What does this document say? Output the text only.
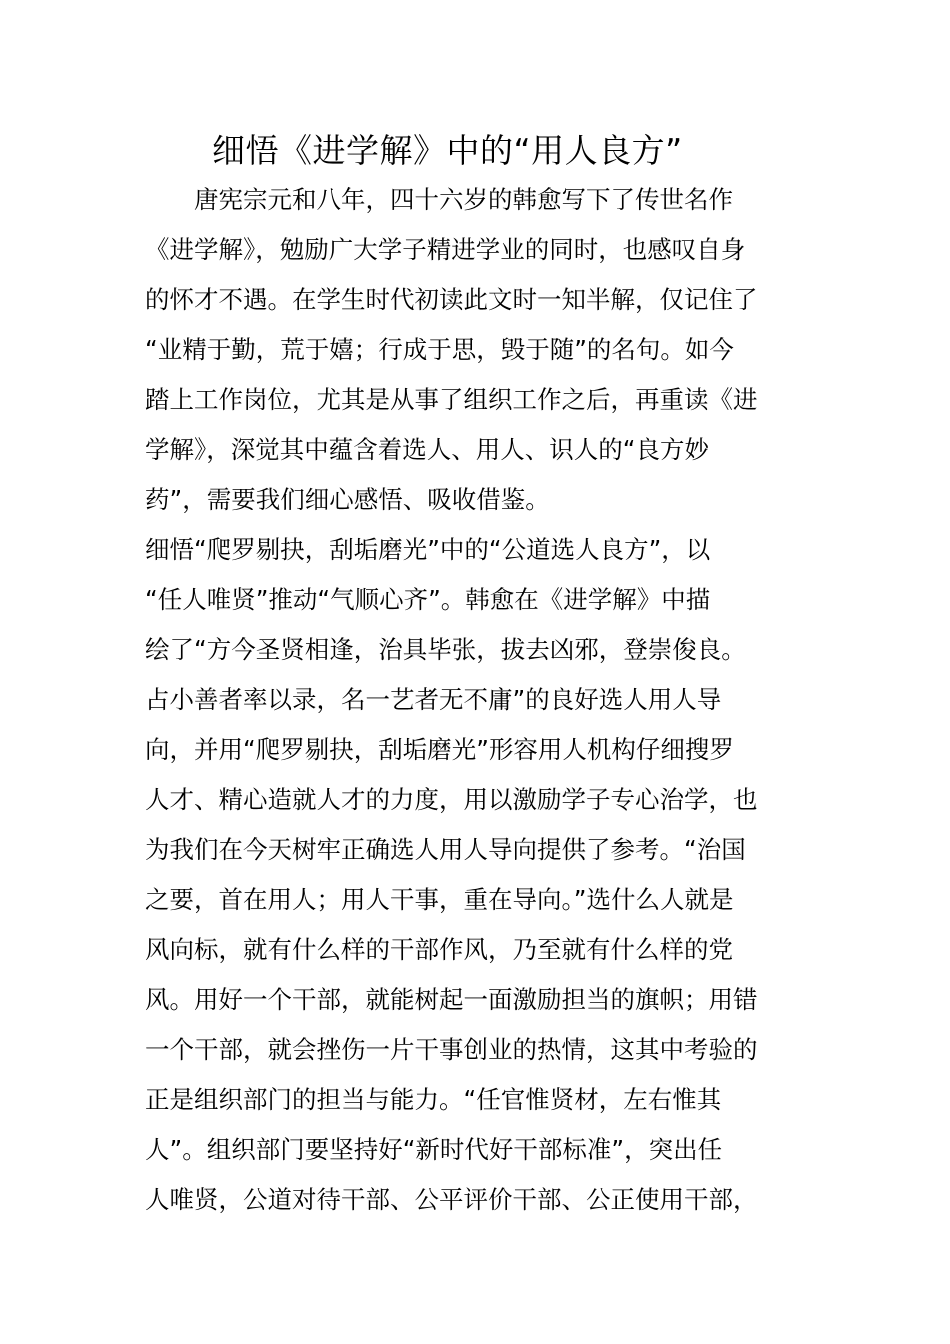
细悟《进学解》中的“用人良方”
　　唐宪宗元和八年，四十六岁的韩愈写下了传世名作
《进学解》，勉励广大学子精进学业的同时，也感叹自身
的怀才不遇。在学生时代初读此文时一知半解，仅记住了
“业精于勤，荒于嬉；行成于思，毁于随”的名句。如今
踏上工作岗位，尤其是从事了组织工作之后，再重读《进
学解》，深觉其中蕴含着选人、用人、识人的“良方妙
药”，需要我们细心感悟、吸收借鉴。
细悟“爬罗剔抉，刮垢磨光”中的“公道选人良方”，以
“任人唯贤”推动“气顺心齐”。韩愈在《进学解》中描
绘了“方今圣贤相逢，治具毕张，拔去凶邪，登崇俊良。
占小善者率以录，名一艺者无不庸”的良好选人用人导
向，并用“爬罗剔抉，刮垢磨光”形容用人机构仔细搜罗
人才、精心造就人才的力度，用以激励学子专心治学，也
为我们在今天树牢正确选人用人导向提供了参考。“治国
之要，首在用人；用人干事，重在导向。”选什么人就是
风向标，就有什么样的干部作风，乃至就有什么样的党
风。用好一个干部，就能树起一面激励担当的旗帜；用错
一个干部，就会挫伤一片干事创业的热情，这其中考验的
正是组织部门的担当与能力。“任官惟贤材，左右惟其
人”。组织部门要坚持好“新时代好干部标准”，突出任
人唯贤，公道对待干部、公平评价干部、公正使用干部，
